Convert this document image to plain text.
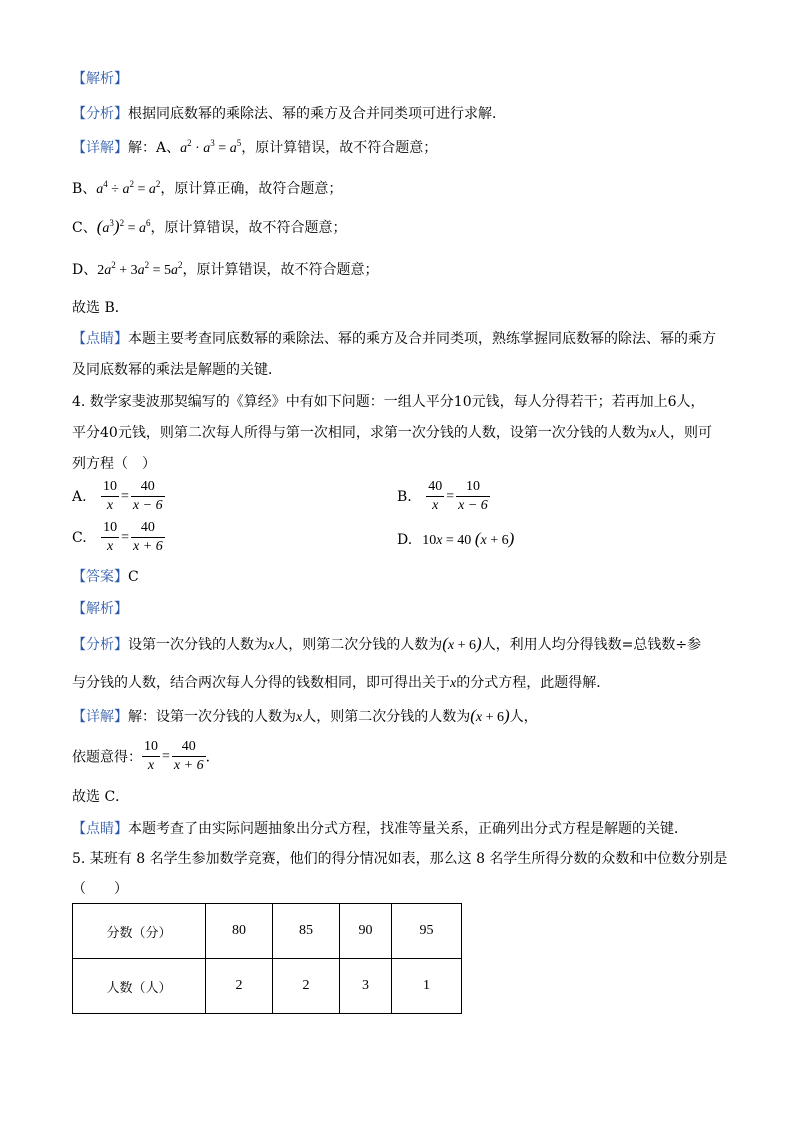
【解析】
【分析】根据同底数幂的乘除法、幂的乘方及合并同类项可进行求解．
【详解】解：A、$a^2 \cdot a^3 = a^5$，原计算错误，故不符合题意；
B、$a^4 \div a^2 = a^2$，原计算正确，故符合题意；
C、$(a^3)^2 = a^6$，原计算错误，故不符合题意；
D、$2a^2 + 3a^2 = 5a^2$，原计算错误，故不符合题意；
故选 B．
【点睛】本题主要考查同底数幂的乘除法、幂的乘方及合并同类项，熟练掌握同底数幂的除法、幂的乘方
及同底数幂的乘法是解题的关键．
4. 数学家斐波那契编写的《算经》中有如下问题：一组人平分10元钱，每人分得若干；若再加上6人，
平分40元钱，则第二次每人所得与第一次相同，求第一次分钱的人数，设第一次分钱的人数为x人，则可
列方程（　）
A. $\frac{10}{x} = \frac{40}{x - 6}$	B. $\frac{40}{x} = \frac{10}{x - 6}$
C. $\frac{10}{x} = \frac{40}{x + 6}$	D. 10x = 40 (x + 6)
【答案】C
【解析】
【分析】设第一次分钱的人数为x人，则第二次分钱的人数为(x + 6)人，利用人均分得钱数=总钱数÷参
与分钱的人数，结合两次每人分得的钱数相同，即可得出关于x的分式方程，此题得解．
【详解】解：设第一次分钱的人数为x人，则第二次分钱的人数为(x + 6)人，
依题意得： $\frac{10}{x} = \frac{40}{x + 6}$ ．
故选 C．
【点睛】本题考查了由实际问题抽象出分式方程，找准等量关系，正确列出分式方程是解题的关键．
5. 某班有 8 名学生参加数学竞赛，他们的得分情况如表，那么这 8 名学生所得分数的众数和中位数分别是
（　　）
分数（分）	80	85	90	95
人数（人）	2	2	3	1
